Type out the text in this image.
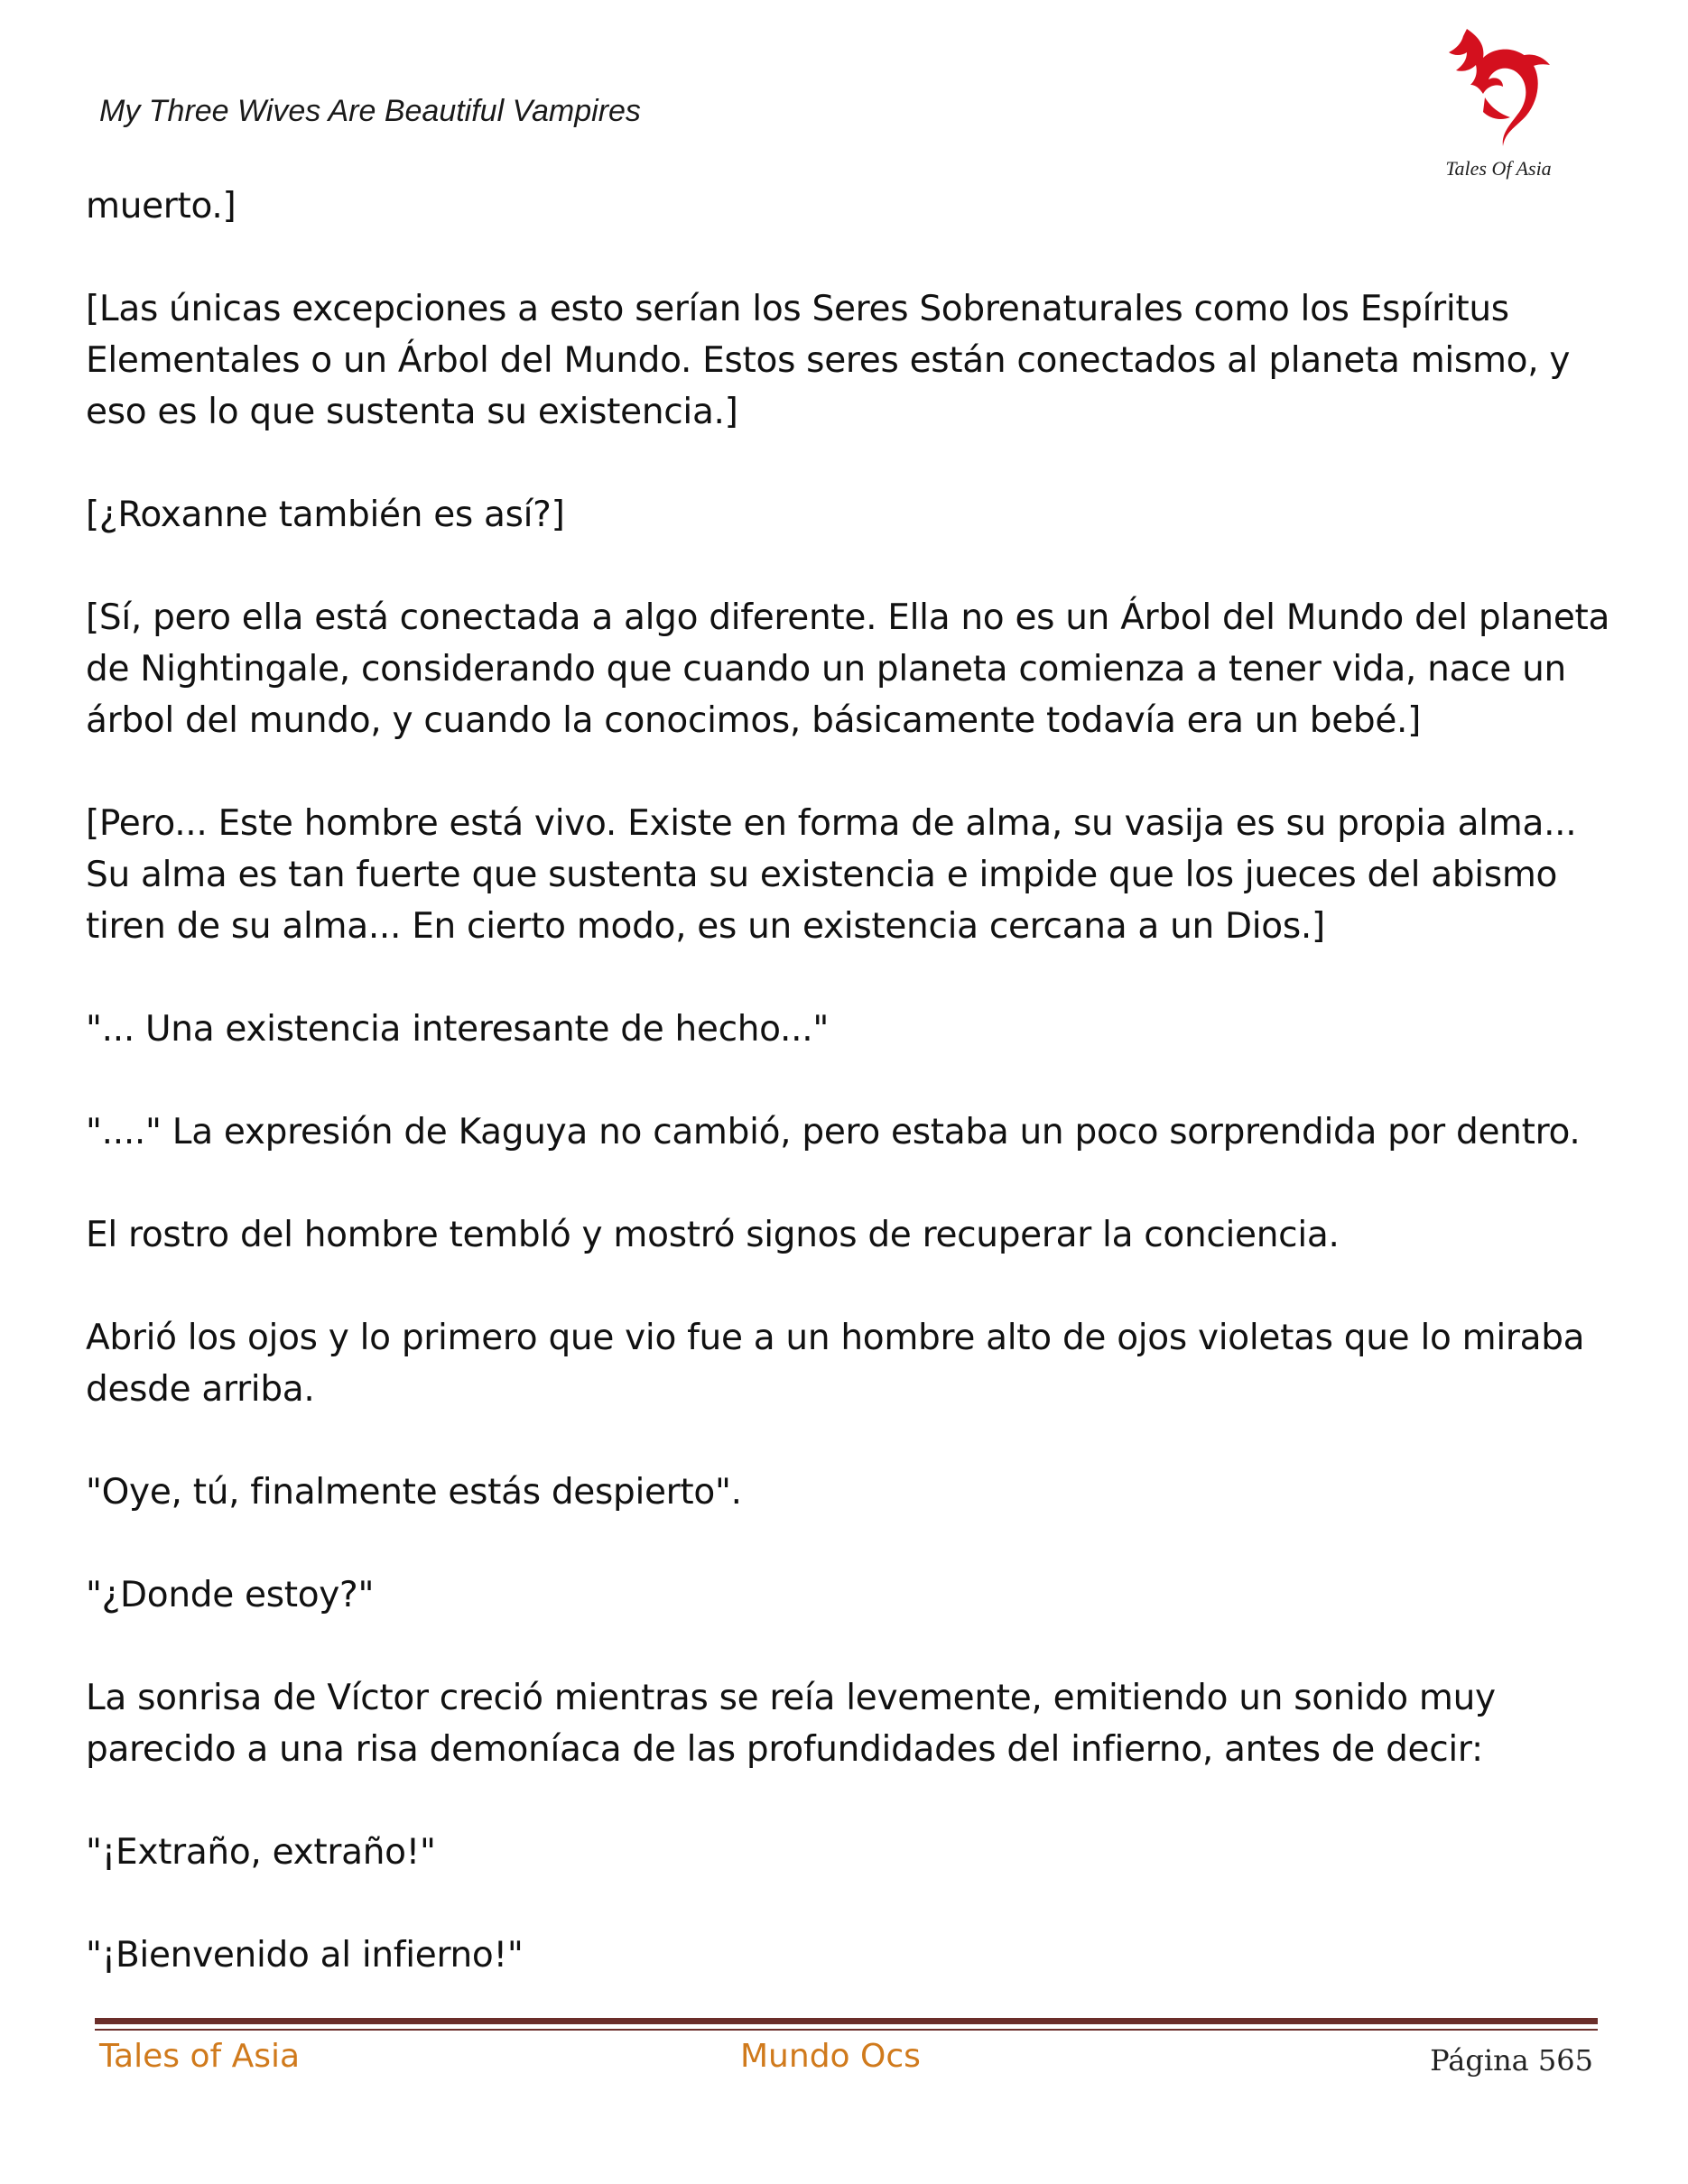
My Three Wives Are Beautiful Vampires
Tales Of Asia

muerto.]

[Las únicas excepciones a esto serían los Seres Sobrenaturales como los Espíritus Elementales o un Árbol del Mundo. Estos seres están conectados al planeta mismo, y eso es lo que sustenta su existencia.]

[¿Roxanne también es así?]

[Sí, pero ella está conectada a algo diferente. Ella no es un Árbol del Mundo del planeta de Nightingale, considerando que cuando un planeta comienza a tener vida, nace un árbol del mundo, y cuando la conocimos, básicamente todavía era un bebé.]

[Pero... Este hombre está vivo. Existe en forma de alma, su vasija es su propia alma... Su alma es tan fuerte que sustenta su existencia e impide que los jueces del abismo tiren de su alma... En cierto modo, es un existencia cercana a un Dios.]

"... Una existencia interesante de hecho..."

"...." La expresión de Kaguya no cambió, pero estaba un poco sorprendida por dentro.

El rostro del hombre tembló y mostró signos de recuperar la conciencia.

Abrió los ojos y lo primero que vio fue a un hombre alto de ojos violetas que lo miraba desde arriba.

"Oye, tú, finalmente estás despierto".

"¿Donde estoy?"

La sonrisa de Víctor creció mientras se reía levemente, emitiendo un sonido muy parecido a una risa demoníaca de las profundidades del infierno, antes de decir:

"¡Extraño, extraño!"

"¡Bienvenido al infierno!"

Tales of Asia	Mundo Ocs	Página 565
